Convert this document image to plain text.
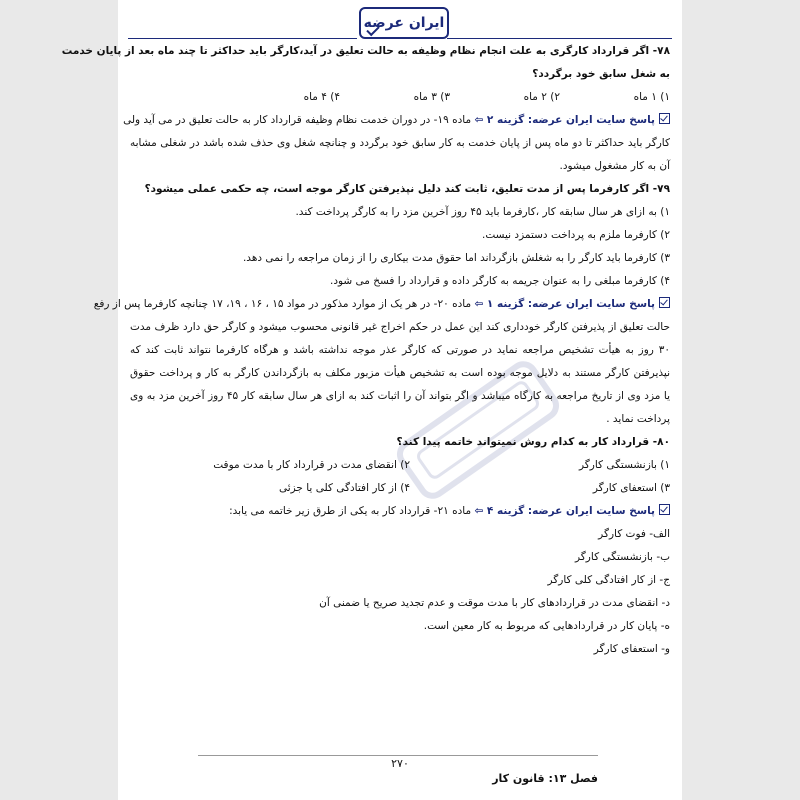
ایران عرضه
۷۸- اگر قرارداد کارگری به علت انجام نظام وظیفه به حالت تعلیق در آید،کارگر باید حداکثر تا چند ماه بعد از پایان خدمت
به شغل سابق خود برگردد؟
۱) ۱ ماه
۲) ۲ ماه
۳) ۳ ماه
۴) ۴ ماه
پاسخ سایت ایران عرضه: گزینه ۲ ⇦ ماده ۱۹- در دوران خدمت نظام وظیفه قرارداد کار به حالت تعلیق در می آید ولی
کارگر باید حداکثر تا دو ماه پس از پایان خدمت به کار سابق خود برگردد و چنانچه شغل وی حذف شده باشد در شغلی مشابه
آن به کار مشغول میشود.
۷۹- اگر کارفرما پس از مدت تعلیق، ثابت کند دلیل نپذیرفتن کارگر موجه است، چه حکمی عملی میشود؟
۱) به ازای هر سال سابقه کار ،کارفرما باید ۴۵ روز آخرین مزد را به کارگر پرداخت کند.
۲) کارفرما ملزم به پرداخت دستمزد نیست.
۳) کارفرما باید کارگر را به شغلش بازگرداند اما حقوق مدت بیکاری را از زمان مراجعه را نمی دهد.
۴) کارفرما مبلغی را به عنوان جریمه به کارگر داده و قرارداد را فسخ می شود.
پاسخ سایت ایران عرضه: گزینه ۱ ⇦ ماده ۲۰- در هر یک از موارد مذکور در مواد ۱۵ ، ۱۶ ، ۱۹، ۱۷ چنانچه کارفرما پس از رفع
حالت تعلیق از پذیرفتن کارگر خودداری کند این عمل در حکم اخراج غیر قانونی محسوب میشود و کارگر حق دارد ظرف مدت
۳۰ روز به هیأت تشخیص مراجعه نماید در صورتی که کارگر عذر موجه نداشته باشد و هرگاه کارفرما نتواند ثابت کند که
نپذیرفتن کارگر مستند به دلایل موجه بوده است به تشخیص هیأت مزبور مکلف به بازگرداندن کارگر به کار و پرداخت حقوق
یا مزد وی از تاریخ مراجعه به کارگاه میباشد و اگر بتواند آن را اثبات کند به ازای هر سال سابقه کار ۴۵ روز آخرین مزد به وی
پرداخت نماید .
۸۰- قرارداد کار به کدام روش نمیتواند خاتمه پیدا کند؟
۱) بازنشستگی کارگر۲) انقضای مدت در قرارداد کار با مدت موقت
۳) استعفای کارگر۴) از کار افتادگی کلی یا جزئی
پاسخ سایت ایران عرضه: گزینه ۴ ⇦ ماده ۲۱- قرارداد کار به یکی از طرق زیر خاتمه می یابد:
الف- فوت کارگر
ب- بازنشستگی کارگر
ج- از کار افتادگی کلی کارگر
د- انقضای مدت در قراردادهای کار با مدت موقت و عدم تجدید صریح یا ضمنی آن
ه- پایان کار در قراردادهایی که مربوط به کار معین است.
و- استعفای کارگر
۲۷۰
فصل ۱۳: قانون کار
